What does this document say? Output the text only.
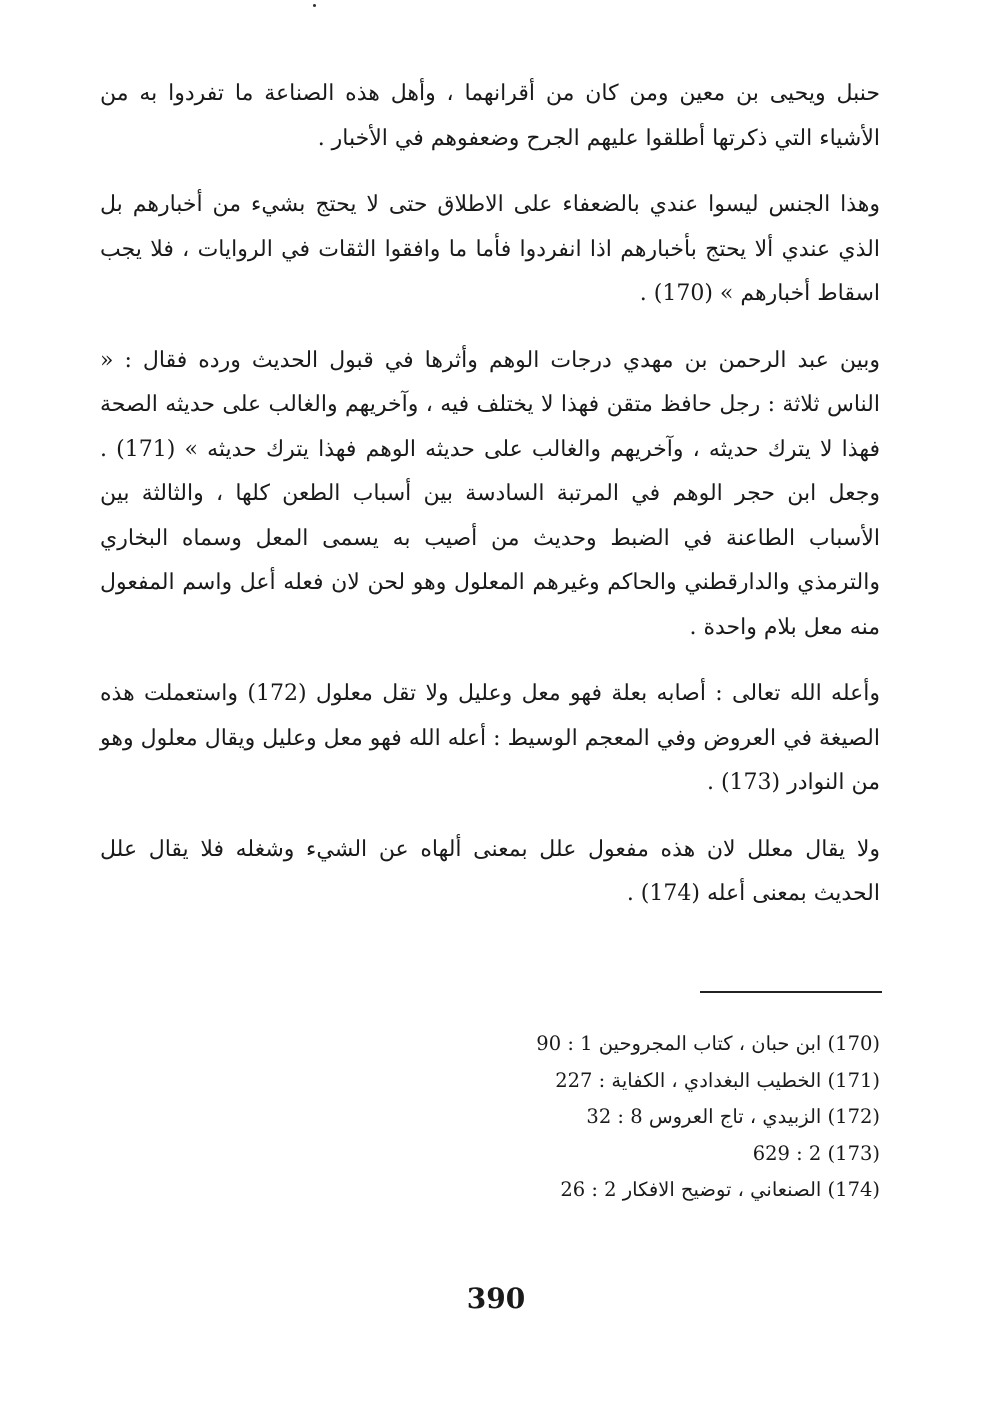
حنبل ويحيى بن معين ومن كان من أقرانهما ، وأهل هذه الصناعة ما تفردوا به من الأشياء التي ذكرتها أطلقوا عليهم الجرح وضعفوهم في الأخبار .

وهذا الجنس ليسوا عندي بالضعفاء على الاطلاق حتى لا يحتج بشيء من أخبارهم بل الذي عندي ألا يحتج بأخبارهم اذا انفردوا فأما ما وافقوا الثقات في الروايات ، فلا يجب اسقاط أخبارهم » (170) .

وبين عبد الرحمن بن مهدي درجات الوهم وأثرها في قبول الحديث ورده فقال : « الناس ثلاثة : رجل حافظ متقن فهذا لا يختلف فيه ، وآخريهم والغالب على حديثه الصحة فهذا لا يترك حديثه ، وآخريهم والغالب على حديثه الوهم فهذا يترك حديثه » (171) . وجعل ابن حجر الوهم في المرتبة السادسة بين أسباب الطعن كلها ، والثالثة بين الأسباب الطاعنة في الضبط وحديث من أصيب به يسمى المعل وسماه البخاري والترمذي والدارقطني والحاكم وغيرهم المعلول وهو لحن لان فعله أعل واسم المفعول منه معل بلام واحدة .

وأعله الله تعالى : أصابه بعلة فهو معل وعليل ولا تقل معلول (172) واستعملت هذه الصيغة في العروض وفي المعجم الوسيط : أعله الله فهو معل وعليل ويقال معلول وهو من النوادر (173) .

ولا يقال معلل لان هذه مفعول علل بمعنى ألهاه عن الشيء وشغله فلا يقال علل الحديث بمعنى أعله (174) .

(170) ابن حبان ، كتاب المجروحين 1 : 90

(171) الخطيب البغدادي ، الكفاية : 227

(172) الزبيدي ، تاج العروس 8 : 32

(173) 2 : 629

(174) الصنعاني ، توضيح الافكار 2 : 26

390
